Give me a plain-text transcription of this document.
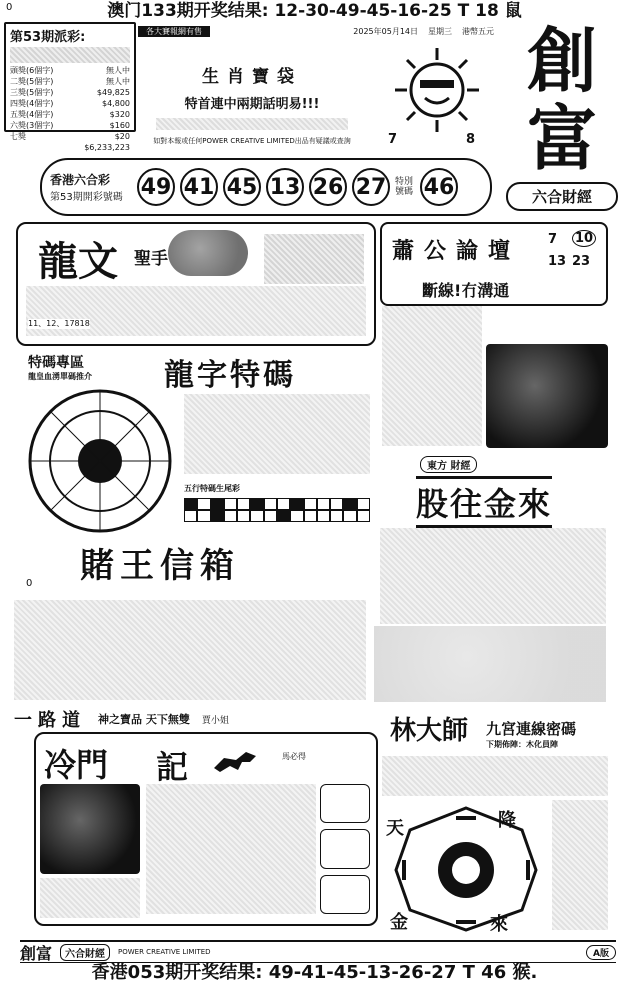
0	澳门133期开奖结果: 12-30-49-45-16-25 T 18 鼠
第53期派彩:
頭獎(6個字)	無人中
二獎(5個字)	無人中
三獎(5個字)	$49,825
四獎(4個字)	$4,800
五獎(4個字)	$320
六獎(3個字)	$160
七獎	$20
$6,233,223
各大賽報網有售	2025年05月14日 星期三 港幣五元
生肖寶袋
特首連中兩期話明易!!!
如對本報或任何POWER CREATIVE LIMITED出品有疑議或查詢	7	8
創
富
六合財經
香港六合彩
第53期開彩號碼 49 41 45 13 26 27 特別號碼 46
龍文 聖手
11、12、17818
蕭公論壇 7 10
13 23
斷線!冇溝通
特碼專區
龍皇血湧單碼推介 龍字特碼
五行特碼生尾彩
東方 財經
股往金來
賭王信箱
0
一路道 神之寶品 天下無雙 賈小姐	林大師 九宮連線密碼
下期佈陣：木化員陣
冷門 記	馬必得
天	降
金	來
創富	六合財經	POWER CREATIVE LIMITED	A版
香港053期开奖结果: 49-41-45-13-26-27 T 46 猴.
